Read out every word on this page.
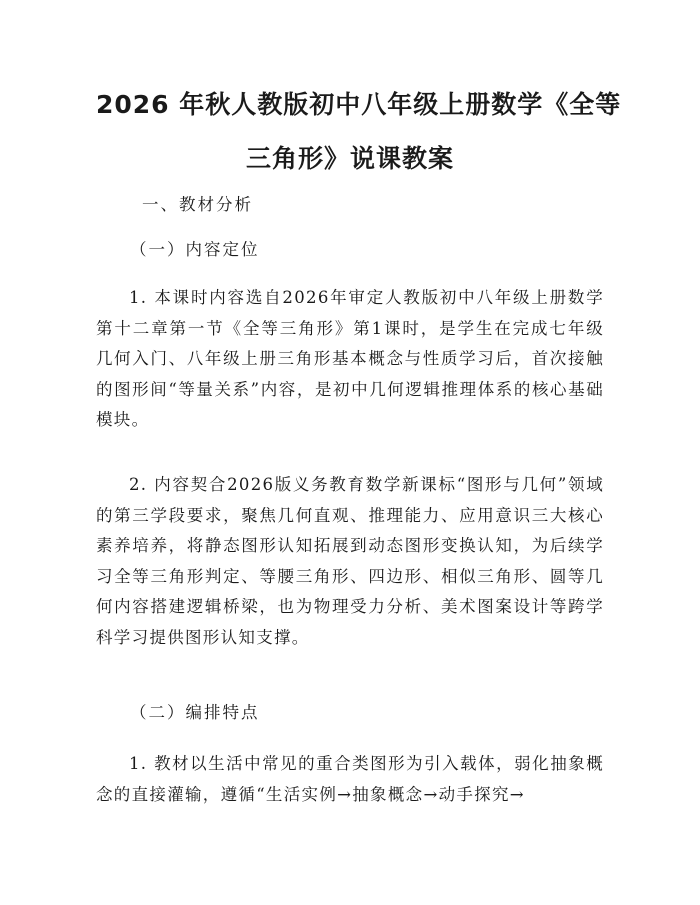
2026 年秋人教版初中八年级上册数学《全等
三角形》说课教案
一、教材分析
（一）内容定位

1. 本课时内容选自2026年审定人教版初中八年级上册数学第十二章第一节《全等三角形》第1课时，是学生在完成七年级几何入门、八年级上册三角形基本概念与性质学习后，首次接触的图形间“等量关系”内容，是初中几何逻辑推理体系的核心基础模块。

2. 内容契合2026版义务教育数学新课标“图形与几何”领域的第三学段要求，聚焦几何直观、推理能力、应用意识三大核心素养培养，将静态图形认知拓展到动态图形变换认知，为后续学习全等三角形判定、等腰三角形、四边形、相似三角形、圆等几何内容搭建逻辑桥梁，也为物理受力分析、美术图案设计等跨学科学习提供图形认知支撑。

（二）编排特点

1. 教材以生活中常见的重合类图形为引入载体，弱化抽象概念的直接灌输，遵循“生活实例→抽象概念→动手探究→
